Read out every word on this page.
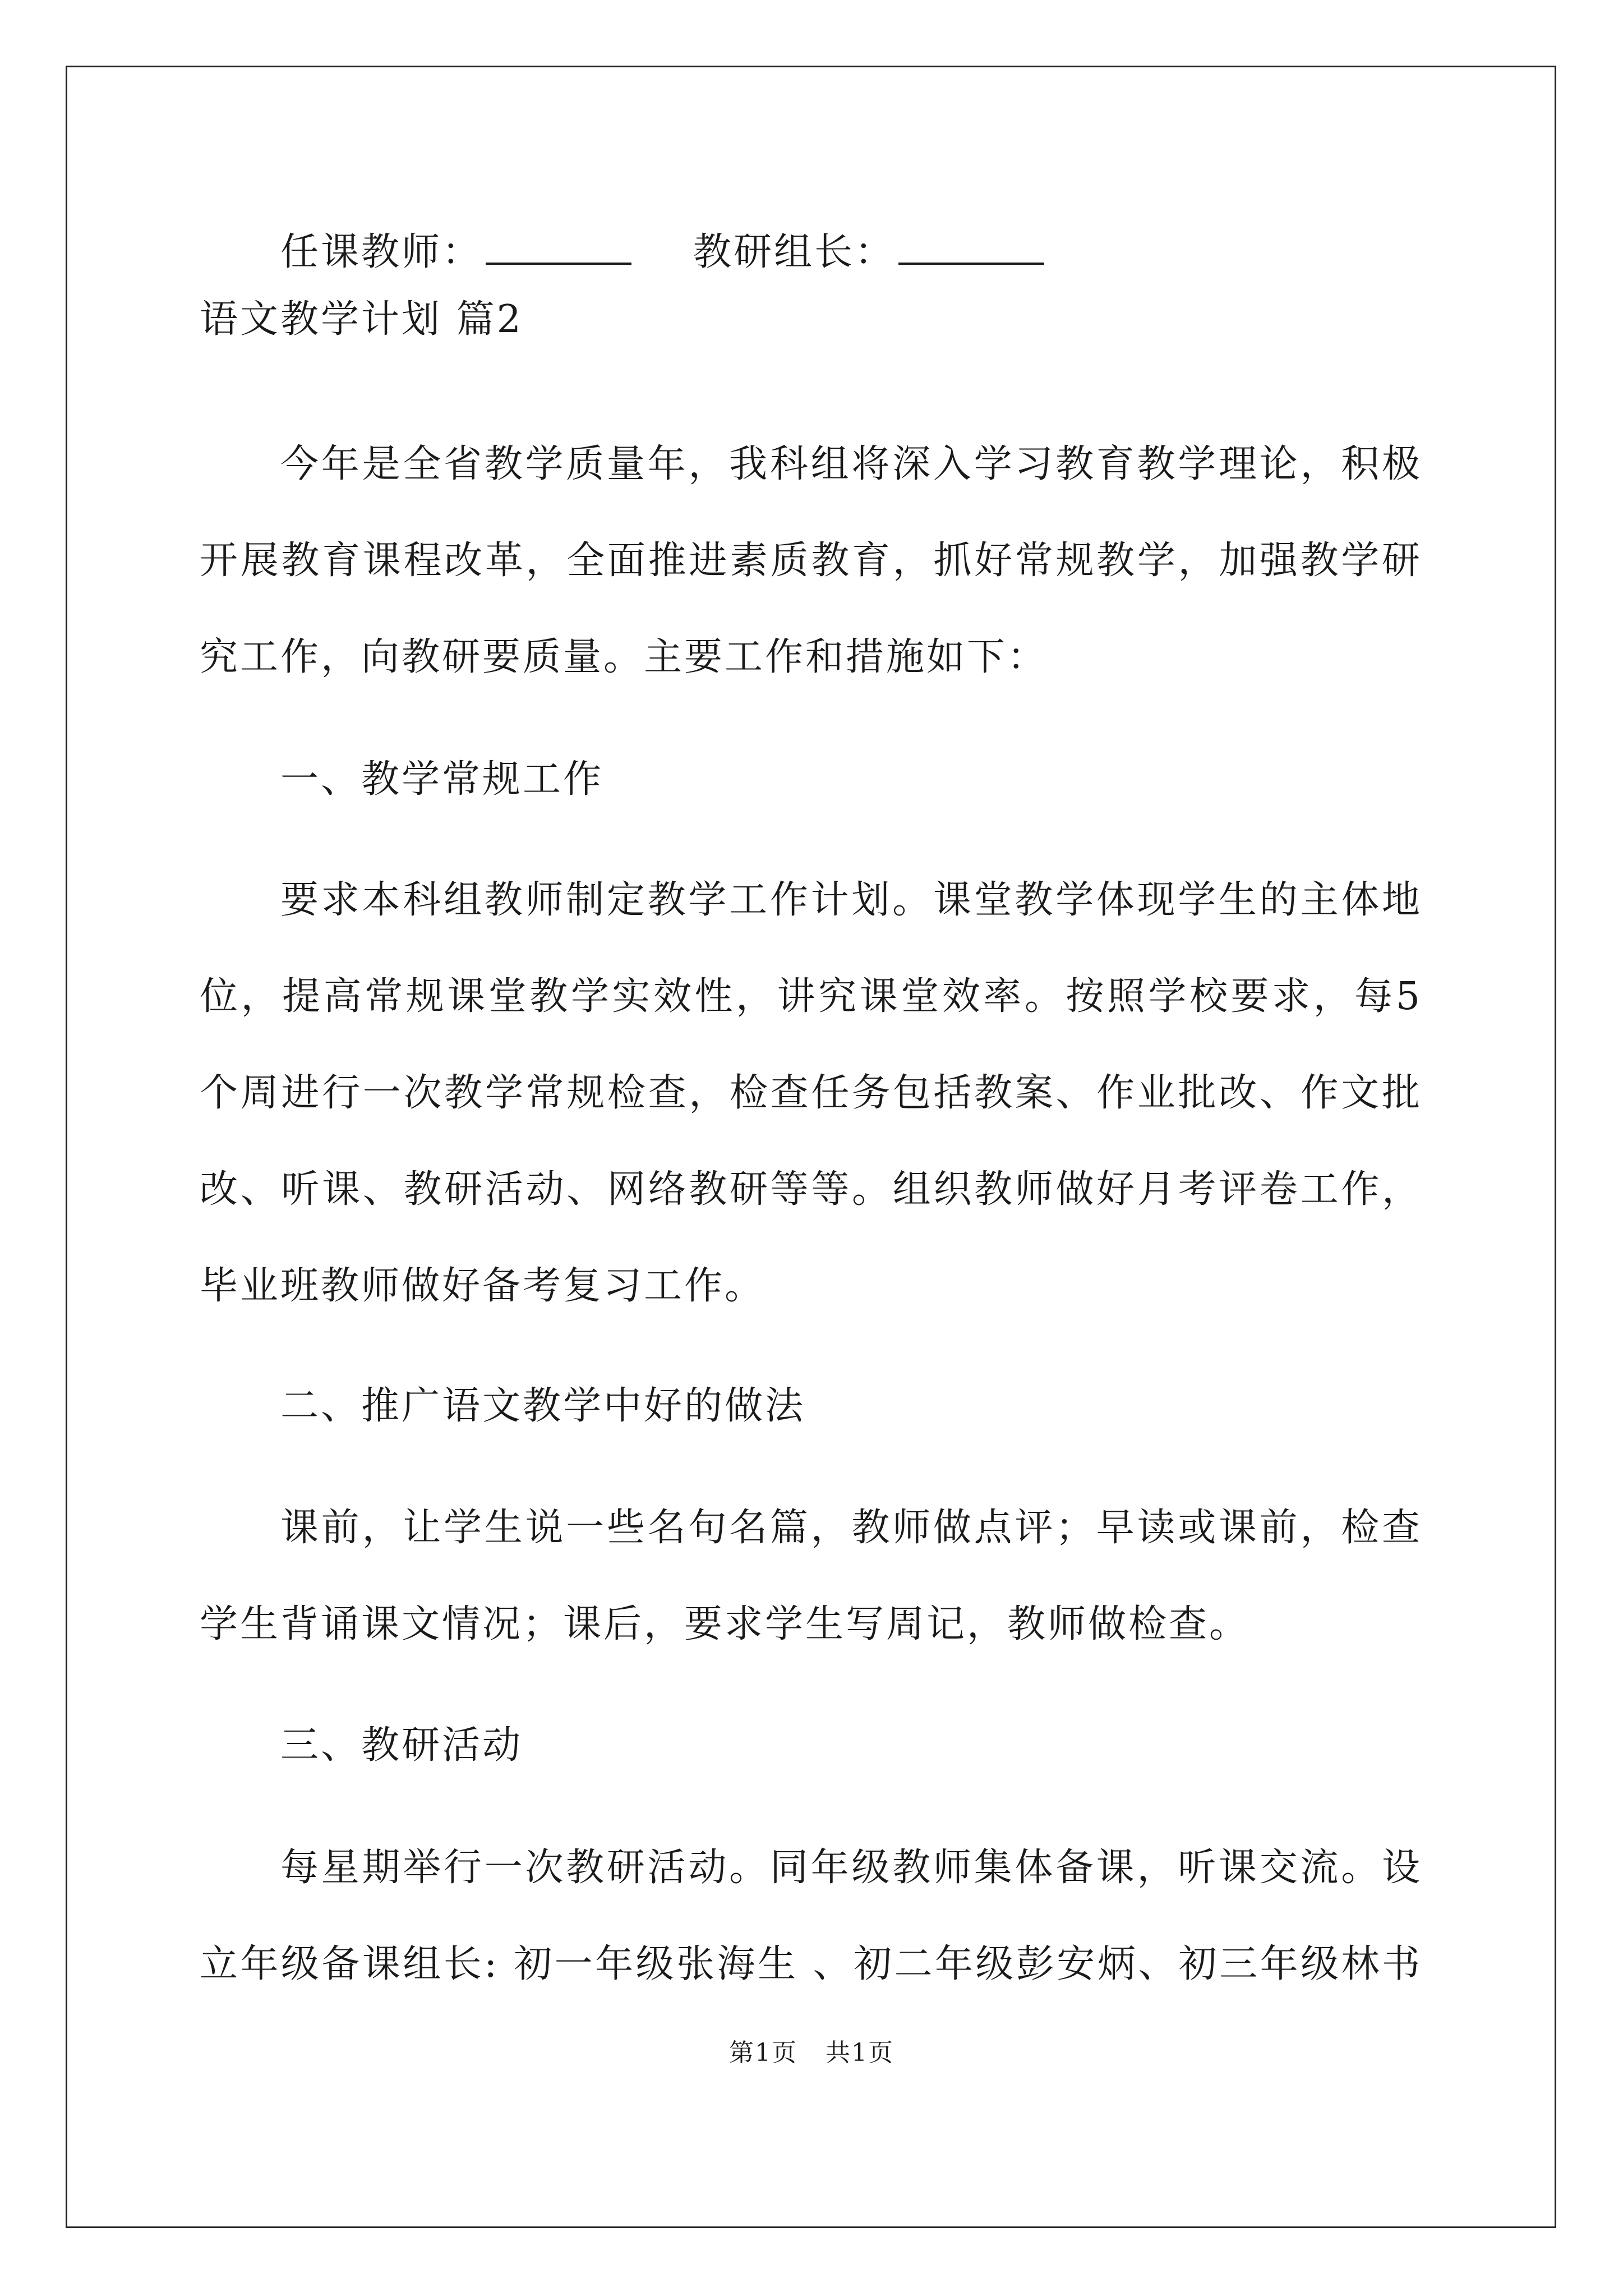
任课教师：	教研组长：
语文教学计划 篇2
今年是全省教学质量年，我科组将深入学习教育教学理论，积极
开展教育课程改革，全面推进素质教育，抓好常规教学，加强教学研
究工作，向教研要质量。主要工作和措施如下：
一、教学常规工作
要求本科组教师制定教学工作计划。课堂教学体现学生的主体地
位，提高常规课堂教学实效性，讲究课堂效率。按照学校要求，每5
个周进行一次教学常规检查，检查任务包括教案、作业批改、作文批
改、听课、教研活动、网络教研等等。组织教师做好月考评卷工作，
毕业班教师做好备考复习工作。
二、推广语文教学中好的做法
课前，让学生说一些名句名篇，教师做点评；早读或课前，检查
学生背诵课文情况；课后，要求学生写周记，教师做检查。
三、教研活动
每星期举行一次教研活动。同年级教师集体备课，听课交流。设
立年级备课组长: 初一年级张海生 、初二年级彭安炳、初三年级林书
第1页 共1页
